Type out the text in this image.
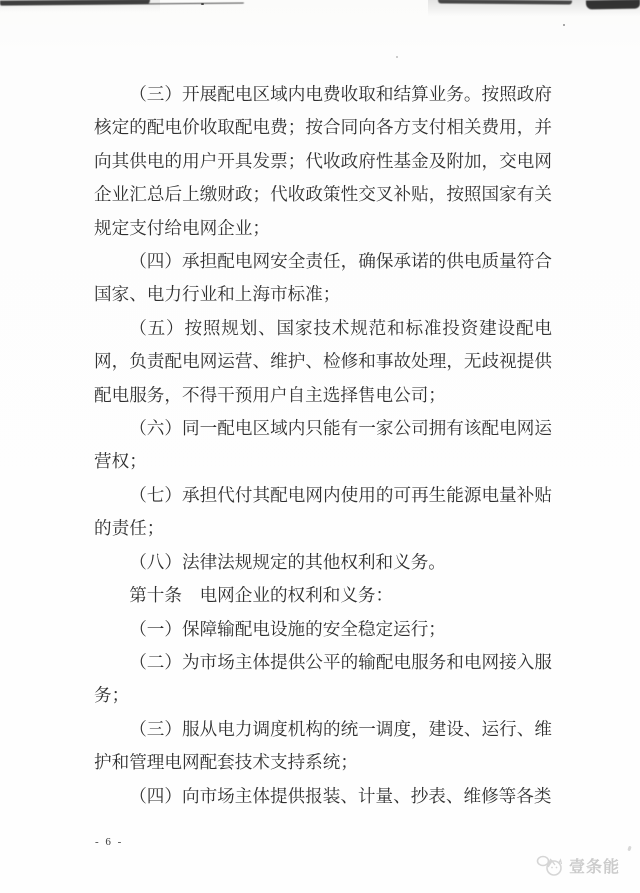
（三）开展配电区域内电费收取和结算业务。按照政府核定的配电价收取配电费；按合同向各方支付相关费用，并向其供电的用户开具发票；代收政府性基金及附加，交电网企业汇总后上缴财政；代收政策性交叉补贴，按照国家有关规定支付给电网企业；

（四）承担配电网安全责任，确保承诺的供电质量符合国家、电力行业和上海市标准；

（五）按照规划、国家技术规范和标准投资建设配电网，负责配电网运营、维护、检修和事故处理，无歧视提供配电服务，不得干预用户自主选择售电公司；

（六）同一配电区域内只能有一家公司拥有该配电网运营权；

（七）承担代付其配电网内使用的可再生能源电量补贴的责任；

（八）法律法规规定的其他权利和义务。

第十条　电网企业的权利和义务：

（一）保障输配电设施的安全稳定运行；

（二）为市场主体提供公平的输配电服务和电网接入服务；

（三）服从电力调度机构的统一调度，建设、运行、维护和管理电网配套技术支持系统；

（四）向市场主体提供报装、计量、抄表、维修等各类

- 6 -
壹条能
